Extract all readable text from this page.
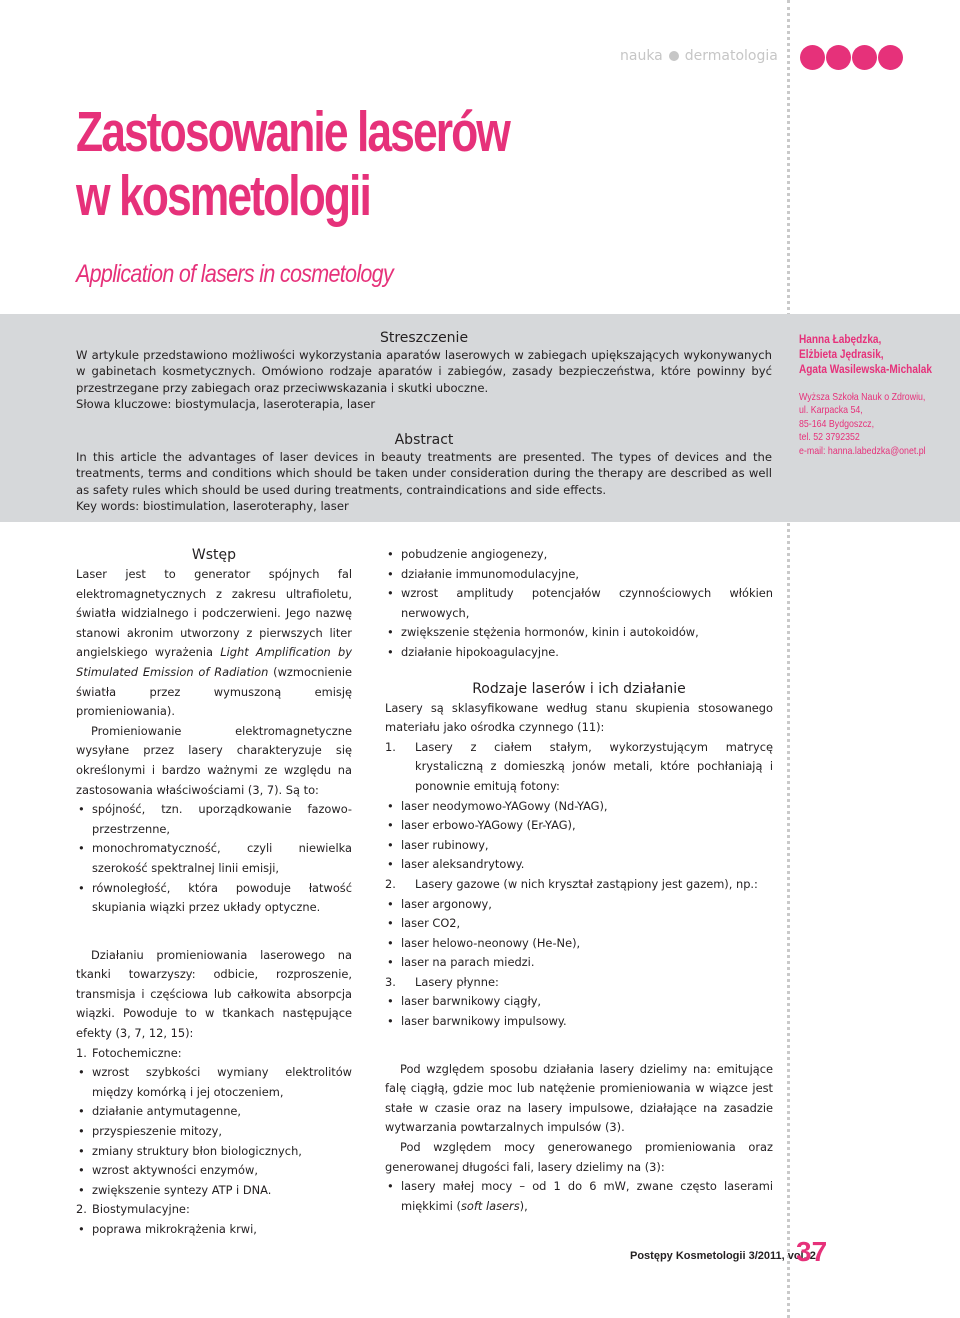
nauka dermatologia
Zastosowanie laserów
w kosmetologii
Application of lasers in cosmetology
Streszczenie

W artykule przedstawiono możliwości wykorzystania aparatów laserowych w zabiegach upiększających wykonywanych w gabinetach kosmetycznych. Omówiono rodzaje aparatów i zabiegów, zasady bezpieczeństwa, które powinny być przestrzegane przy zabiegach oraz przeciwwskazania i skutki uboczne.

Słowa kluczowe: biostymulacja, laseroterapia, laser

Abstract

In this article the advantages of laser devices in beauty treatments are presented. The types of devices and the treatments, terms and conditions which should be taken under consideration during the therapy are described as well as safety rules which should be used during treatments, contraindications and side effects.

Key words: biostimulation, laseroteraphy, laser

Hanna Łabędzka,
Elżbieta Jędrasik,
Agata Wasilewska-Michalak
Wyższa Szkoła Nauk o Zdrowiu,
ul. Karpacka 54,
85-164 Bydgoszcz,
tel. 52 3792352
e-mail: hanna.labedzka@onet.pl
Wstęp

Laser jest to generator spójnych fal elektromagnetycznych z zakresu ultrafioletu, światła widzialnego i podczerwieni. Jego nazwę stanowi akronim utworzony z pierwszych liter angielskiego wyrażenia Light Amplification by Stimulated Emission of Radiation (wzmocnienie światła przez wymuszoną emisję promieniowania).

Promieniowanie elektromagnetyczne wysyłane przez lasery charakteryzuje się określonymi i bardzo ważnymi ze względu na zastosowania właściwościami (3, 7). Są to:

• spójność, tzn. uporządkowanie fazowo-przestrzenne,
• monochromatyczność, czyli niewielka szerokość spektralnej linii emisji,
• równoległość, która powoduje łatwość skupiania wiązki przez układy optyczne.

Działaniu promieniowania laserowego na tkanki towarzyszy: odbicie, rozproszenie, transmisja i częściowa lub całkowita absorpcja wiązki. Powoduje to w tkankach następujące efekty (3, 7, 12, 15):

1. Fotochemiczne:
• wzrost szybkości wymiany elektrolitów między komórką i jej otoczeniem,
• działanie antymutagenne,
• przyspieszenie mitozy,
• zmiany struktury błon biologicznych,
• wzrost aktywności enzymów,
• zwiększenie syntezy ATP i DNA.
2. Biostymulacyjne:
• poprawa mikrokrążenia krwi,
• pobudzenie angiogenezy,
• działanie immunomodulacyjne,
• wzrost amplitudy potencjałów czynnościowych włókien nerwowych,
• zwiększenie stężenia hormonów, kinin i autokoidów,
• działanie hipokoagulacyjne.
Rodzaje laserów i ich działanie

Lasery są sklasyfikowane według stanu skupienia stosowanego materiału jako ośrodka czynnego (11):

1.	Lasery z ciałem stałym, wykorzystującym matrycę krystaliczną z domieszką jonów metali, które pochłaniają i ponownie emitują fotony:
• laser neodymowo-YAGowy (Nd-YAG),
• laser erbowo-YAGowy (Er-YAG),
• laser rubinowy,
• laser aleksandrytowy.
2.	Lasery gazowe (w nich kryształ zastąpiony jest gazem), np.:
• laser argonowy,
• laser CO2,
• laser helowo-neonowy (He-Ne),
• laser na parach miedzi.
3.	Lasery płynne:
• laser barwnikowy ciągły,
• laser barwnikowy impulsowy.

Pod względem sposobu działania lasery dzielimy na: emitujące falę ciągłą, gdzie moc lub natężenie promieniowania w wiązce jest stałe w czasie oraz na lasery impulsowe, działające na zasadzie wytwarzania powtarzalnych impulsów (3).

Pod względem mocy generowanego promieniowania oraz generowanej długości fali, lasery dzielimy na (3):

• lasery małej mocy – od 1 do 6 mW, zwane często laserami miękkimi (soft lasers),
Postępy Kosmetologii 3/2011, vol. 2
37
